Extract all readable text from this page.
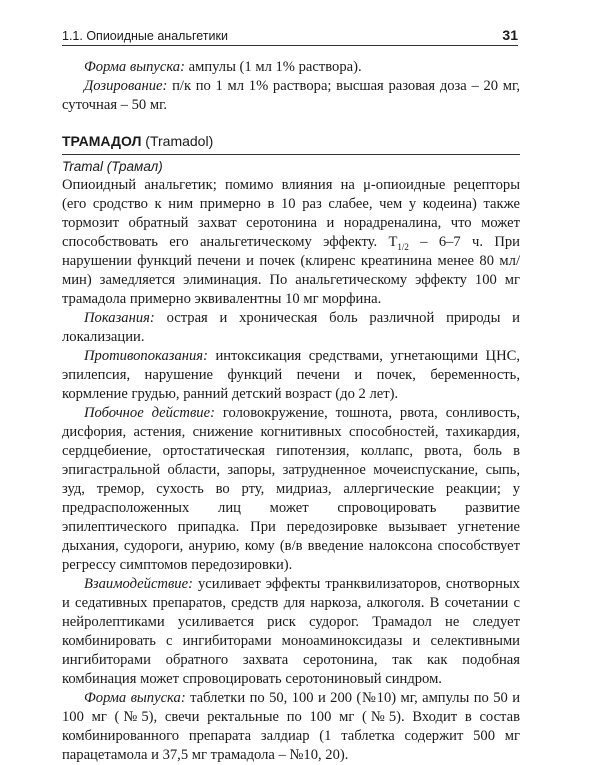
1.1. Опиоидные анальгетики	31

Форма выпуска: ампулы (1 мл 1% раствора).

Дозирование: п/к по 1 мл 1% раствора; высшая разовая доза – 20 мг, суточная – 50 мг.

ТРАМАДОЛ (Tramadol)
Tramal (Трамал)

Опиоидный анальгетик; помимо влияния на μ-опиоидные рецепторы (его сродство к ним примерно в 10 раз слабее, чем у кодеина) также тормозит обратный захват серотонина и норадреналина, что может способствовать его анальгетическому эффекту. $T_{1/2} - 6-7$ ч. При нарушении функций печени и почек (клиренс креатинина менее 80 мл/мин) замедляется элиминация. По анальгетическому эффекту 100 мг трамадола примерно эквивалентны 10 мг морфина.

Показания: острая и хроническая боль различной природы и локализации.

Противопоказания: интоксикация средствами, угнетающими ЦНС, эпилепсия, нарушение функций печени и почек, беременность, кормление грудью, ранний детский возраст (до 2 лет).

Побочное действие: головокружение, тошнота, рвота, сонливость, дисфория, астения, снижение когнитивных способностей, тахикардия, сердцебиение, ортостатическая гипотензия, коллапс, рвота, боль в эпигастральной области, запоры, затрудненное мочеиспускание, сыпь, зуд, тремор, сухость во рту, мидриаз, аллергические реакции; у предрасположенных лиц может спровоцировать развитие эпилептического припадка. При передозировке вызывает угнетение дыхания, судороги, анурию, кому (в/в введение налоксона способствует регрессу симптомов передозировки).

Взаимодействие: усиливает эффекты транквилизаторов, снотворных и седативных препаратов, средств для наркоза, алкоголя. В сочетании с нейролептиками усиливается риск судорог. Трамадол не следует комбинировать с ингибиторами моноаминоксидазы и селективными ингибиторами обратного захвата серотонина, так как подобная комбинация может спровоцировать серотониновый синдром.

Форма выпуска: таблетки по 50, 100 и 200 (№10) мг, ампулы по 50 и 100 мг (№5), свечи ректальные по 100 мг (№5). Входит в состав комбинированного препарата залдиар (1 таблетка содержит 500 мг парацетамола и 37,5 мг трамадола – №10, 20).
